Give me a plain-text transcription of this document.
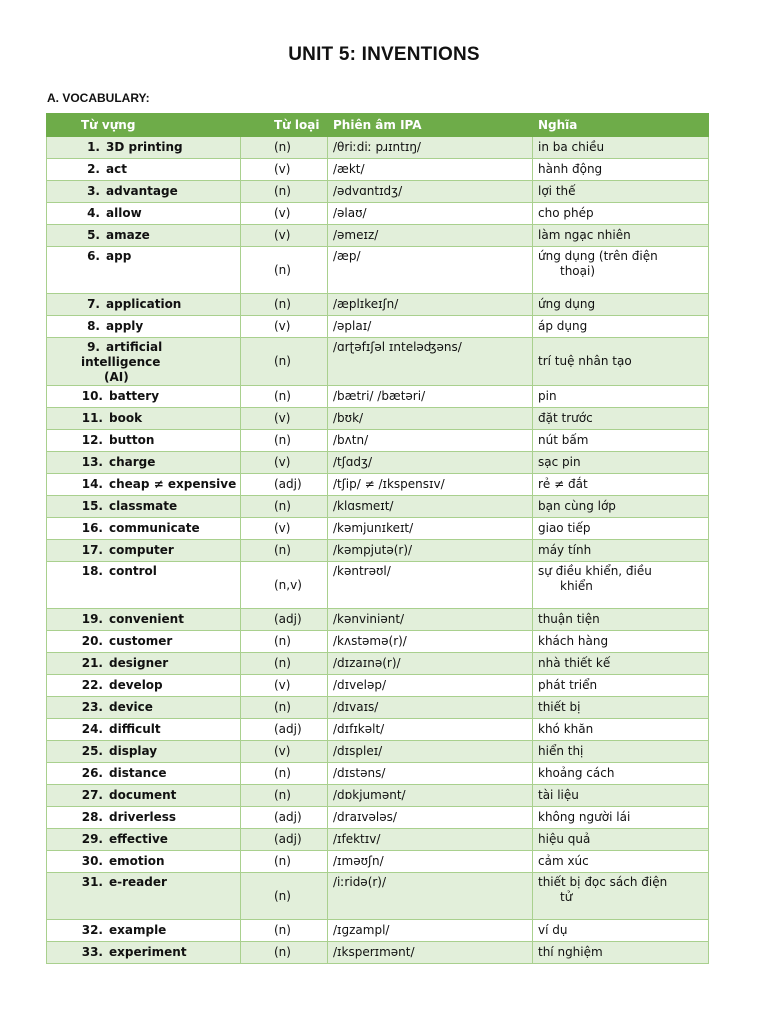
UNIT 5: INVENTIONS
A. VOCABULARY:
Từ vựng	Từ loại	Phiên âm IPA	Nghĩa
1. 3D printing	(n)	/θriːdiː pɹɪntɪŋ/	in ba chiều
2. act	(v)	/ækt/	hành động
3. advantage	(n)	/ədvɑntɪdʒ/	lợi thế
4. allow	(v)	/əlaʊ/	cho phép
5. amaze	(v)	/əmeɪz/	làm ngạc nhiên
6. app	(n)	/æp/	ứng dụng (trên điện
thoại)

7. application	(n)	/æplɪkeɪʃn/	ứng dụng
8. apply	(v)	/əplaɪ/	áp dụng
9. artificial intelligence
(AI)	(n)	/ɑrʈəfɪʃəl ɪnteləʤəns/	trí tuệ nhân tạo
10. battery	(n)	/bætri/ /bætəri/	pin
11. book	(v)	/bʊk/	đặt trước
12. button	(n)	/bʌtn/	nút bấm
13. charge	(v)	/tʃɑdʒ/	sạc pin
14. cheap ≠ expensive	(adj)	/tʃip/ ≠ /ɪkspensɪv/	rẻ ≠ đắt
15. classmate	(n)	/klɑsmeɪt/	bạn cùng lớp
16. communicate	(v)	/kəmjunɪkeɪt/	giao tiếp
17. computer	(n)	/kəmpjutə(r)/	máy tính
18. control	(n,v)	/kəntrəʊl/	sự điều khiển, điều
khiển

19. convenient	(adj)	/kənviniənt/	thuận tiện
20. customer	(n)	/kʌstəmə(r)/	khách hàng
21. designer	(n)	/dɪzaɪnə(r)/	nhà thiết kế
22. develop	(v)	/dɪveləp/	phát triển
23. device	(n)	/dɪvaɪs/	thiết bị
24. difficult	(adj)	/dɪfɪkəlt/	khó khăn
25. display	(v)	/dɪspleɪ/	hiển thị
26. distance	(n)	/dɪstəns/	khoảng cách
27. document	(n)	/dɒkjumənt/	tài liệu
28. driverless	(adj)	/draɪvələs/	không người lái
29. effective	(adj)	/ɪfektɪv/	hiệu quả
30. emotion	(n)	/ɪməʊʃn/	cảm xúc
31. e-reader	(n)	/iːridə(r)/	thiết bị đọc sách điện
tử

32. example	(n)	/ɪɡzampl/	ví dụ
33. experiment	(n)	/ɪksperɪmənt/	thí nghiệm
